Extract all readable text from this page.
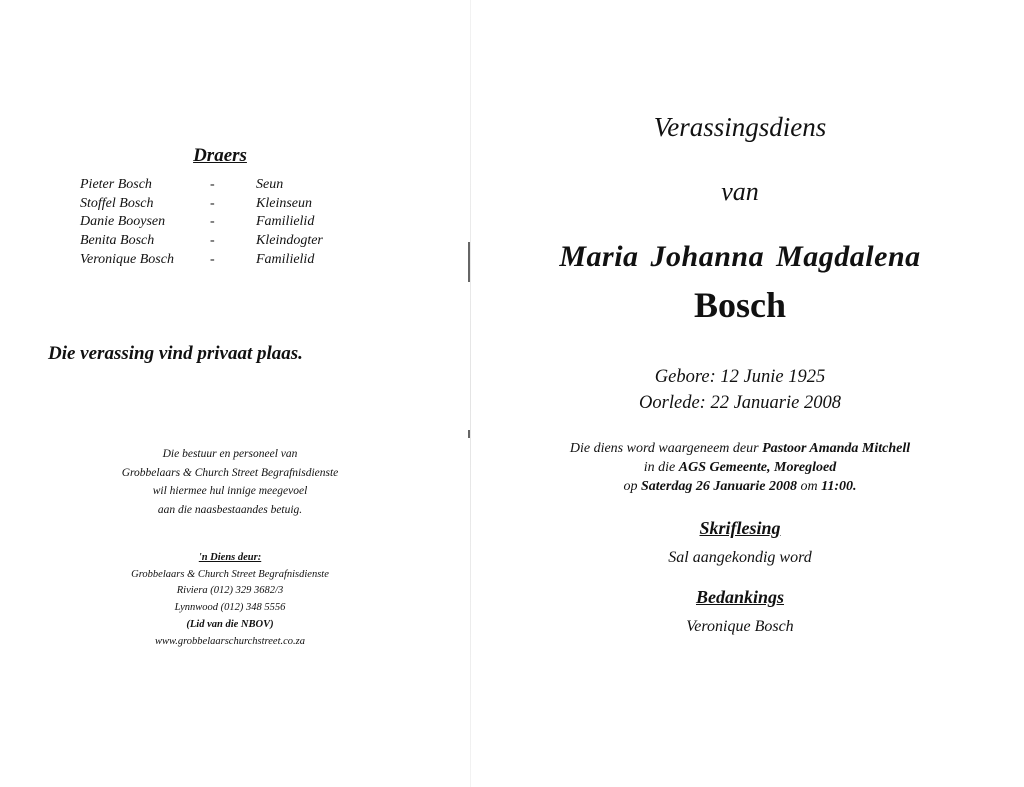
Draers
Pieter Bosch	-	Seun
Stoffel Bosch	-	Kleinseun
Danie Booysen	-	Familielid
Benita Bosch	-	Kleindogter
Veronique Bosch	-	Familielid
Die verassing vind privaat plaas.
Die bestuur en personeel van
Grobbelaars & Church Street Begrafnisdienste
wil hiermee hul innige meegevoel
aan die naasbestaandes betuig.
'n Diens deur:
Grobbelaars & Church Street Begrafnisdienste
Riviera (012) 329 3682/3
Lynnwood (012) 348 5556
(Lid van die NBOV)
www.grobbelaarschurchstreet.co.za
Verassingsdiens
van
Maria Johanna Magdalena
Bosch
Gebore: 12 Junie 1925
Oorlede: 22 Januarie 2008
Die diens word waargeneem deur Pastoor Amanda Mitchell
in die AGS Gemeente, Moregloed
op Saterdag 26 Januarie 2008 om 11:00.
Skriflesing
Sal aangekondig word
Bedankings
Veronique Bosch
